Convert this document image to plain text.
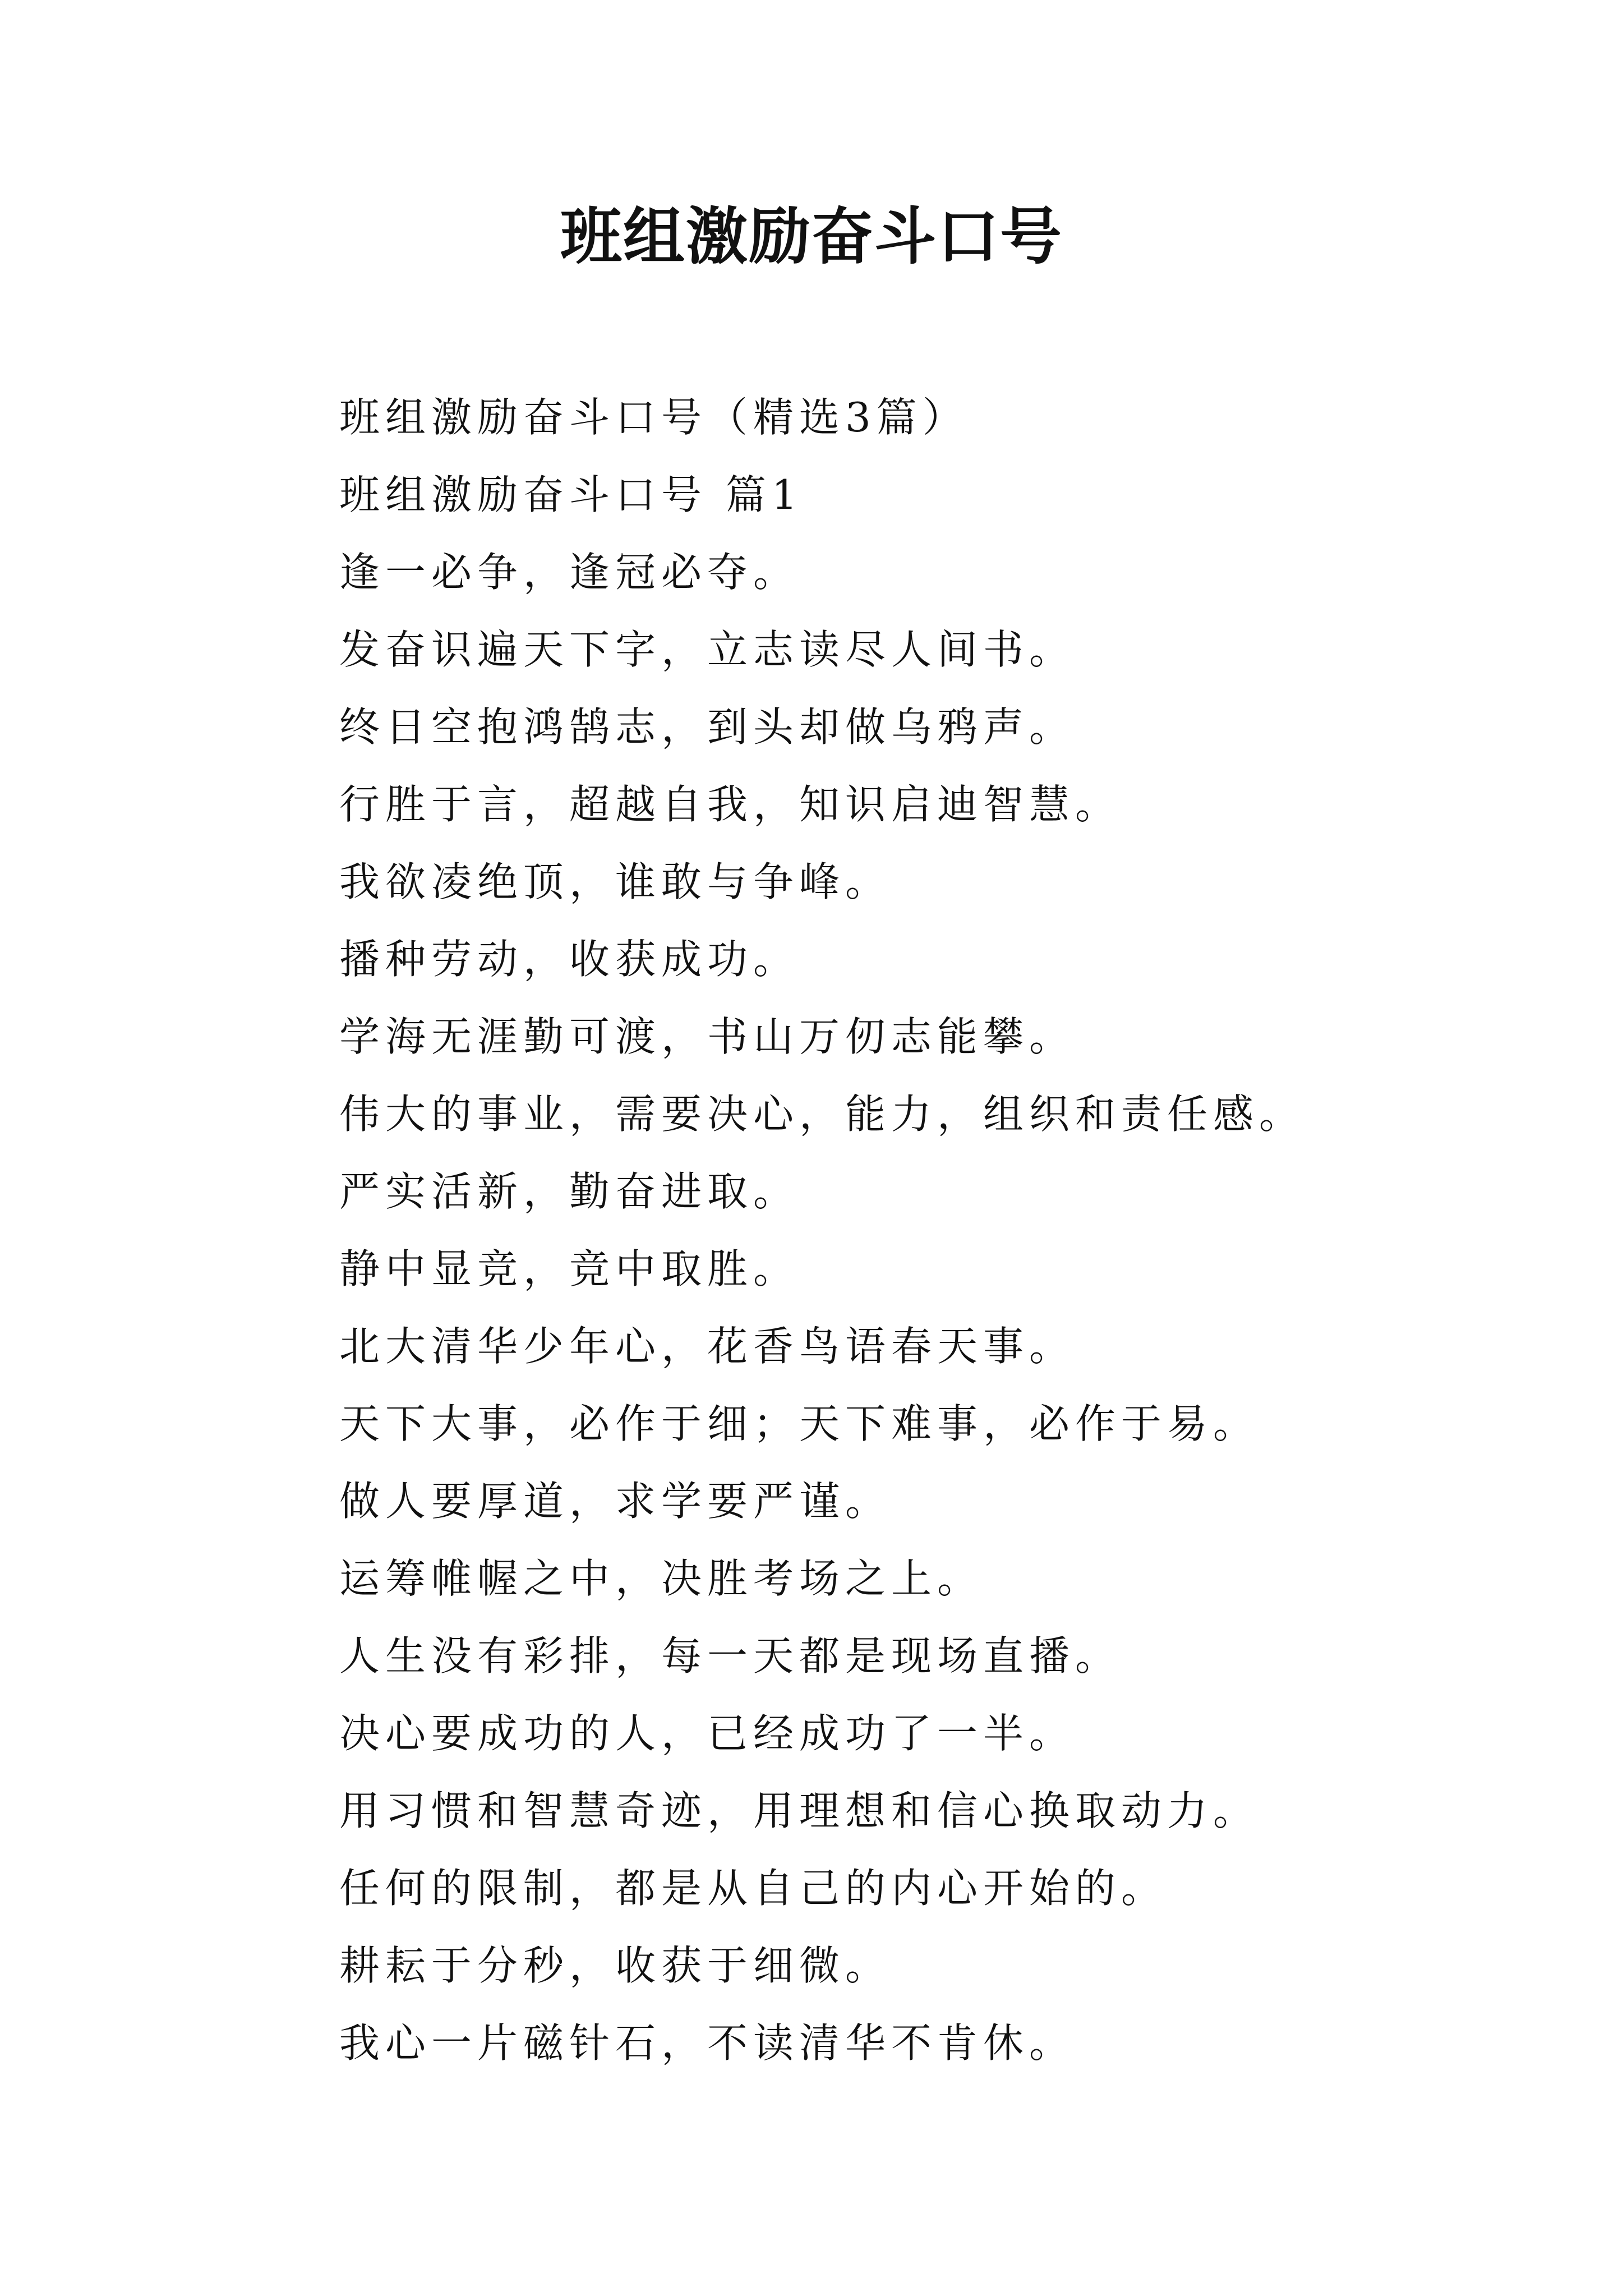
班组激励奋斗口号
班组激励奋斗口号（精选3篇）
班组激励奋斗口号 篇1
逢一必争，逢冠必夺。
发奋识遍天下字，立志读尽人间书。
终日空抱鸿鹄志，到头却做乌鸦声。
行胜于言，超越自我，知识启迪智慧。
我欲凌绝顶，谁敢与争峰。
播种劳动，收获成功。
学海无涯勤可渡，书山万仞志能攀。
伟大的事业，需要决心，能力，组织和责任感。
严实活新，勤奋进取。
静中显竞，竞中取胜。
北大清华少年心，花香鸟语春天事。
天下大事，必作于细；天下难事，必作于易。
做人要厚道，求学要严谨。
运筹帷幄之中，决胜考场之上。
人生没有彩排，每一天都是现场直播。
决心要成功的人，已经成功了一半。
用习惯和智慧奇迹，用理想和信心换取动力。
任何的限制，都是从自己的内心开始的。
耕耘于分秒，收获于细微。
我心一片磁针石，不读清华不肯休。
